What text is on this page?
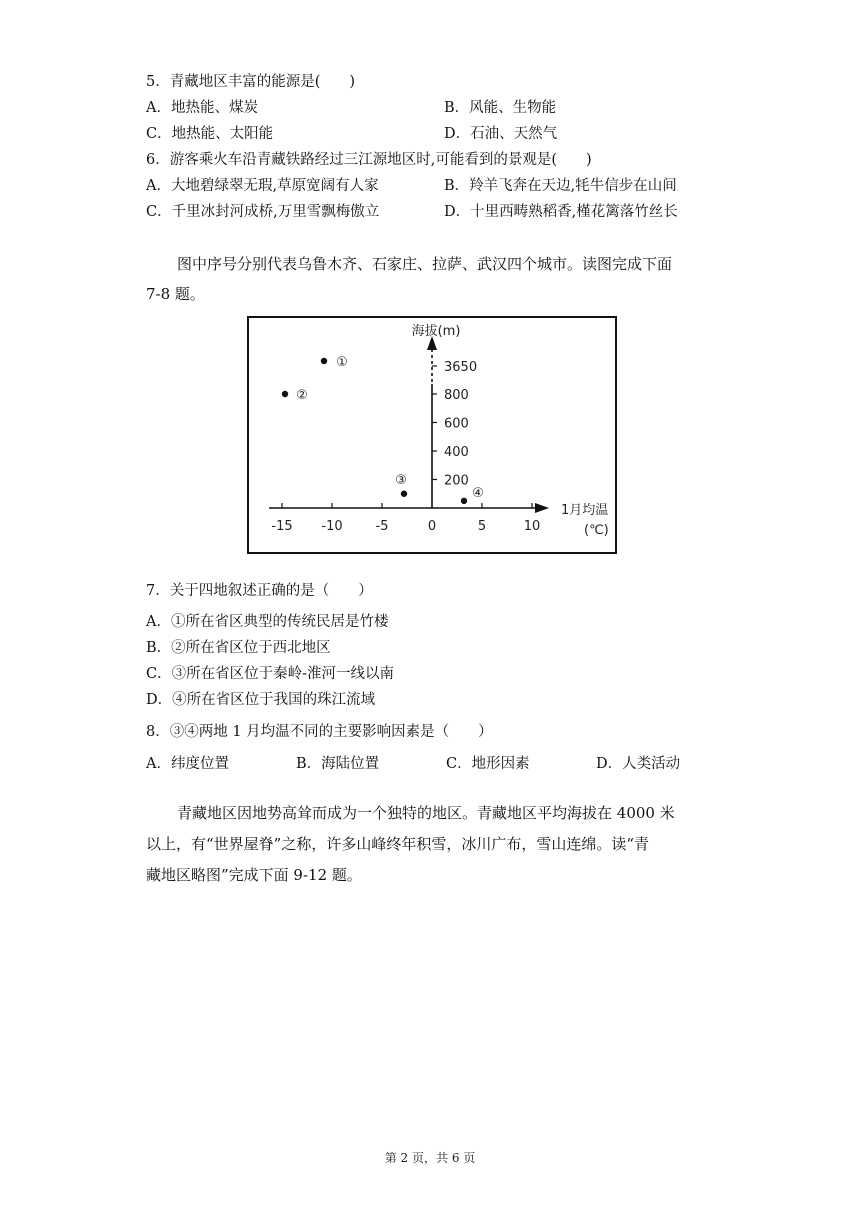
5．青藏地区丰富的能源是(　　)
A．地热能、煤炭	B．风能、生物能
C．地热能、太阳能	D．石油、天然气
6．游客乘火车沿青藏铁路经过三江源地区时,可能看到的景观是(　　)
A．大地碧绿翠无瑕,草原宽阔有人家	B．羚羊飞奔在天边,牦牛信步在山间
C．千里冰封河成桥,万里雪飘梅傲立	D．十里西畴熟稻香,槿花篱落竹丝长
图中序号分别代表乌鲁木齐、石家庄、拉萨、武汉四个城市。读图完成下面
7-8 题。
-15 -10	-5	0	5	10
3650
800
600
400
200
海拔(m)
1月均温
(℃)
①
②
③
④
7．关于四地叙述正确的是（　　）
A．①所在省区典型的传统民居是竹楼
B．②所在省区位于西北地区
C．③所在省区位于秦岭-淮河一线以南
D．④所在省区位于我国的珠江流域
8．③④两地 1 月均温不同的主要影响因素是（　　）
A．纬度位置	B．海陆位置	C．地形因素	D．人类活动
青藏地区因地势高耸而成为一个独特的地区。青藏地区平均海拔在 4000 米
以上，有“世界屋脊”之称，许多山峰终年积雪，冰川广布，雪山连绵。读“青
藏地区略图”完成下面 9-12 题。
第 2 页，共 6 页
